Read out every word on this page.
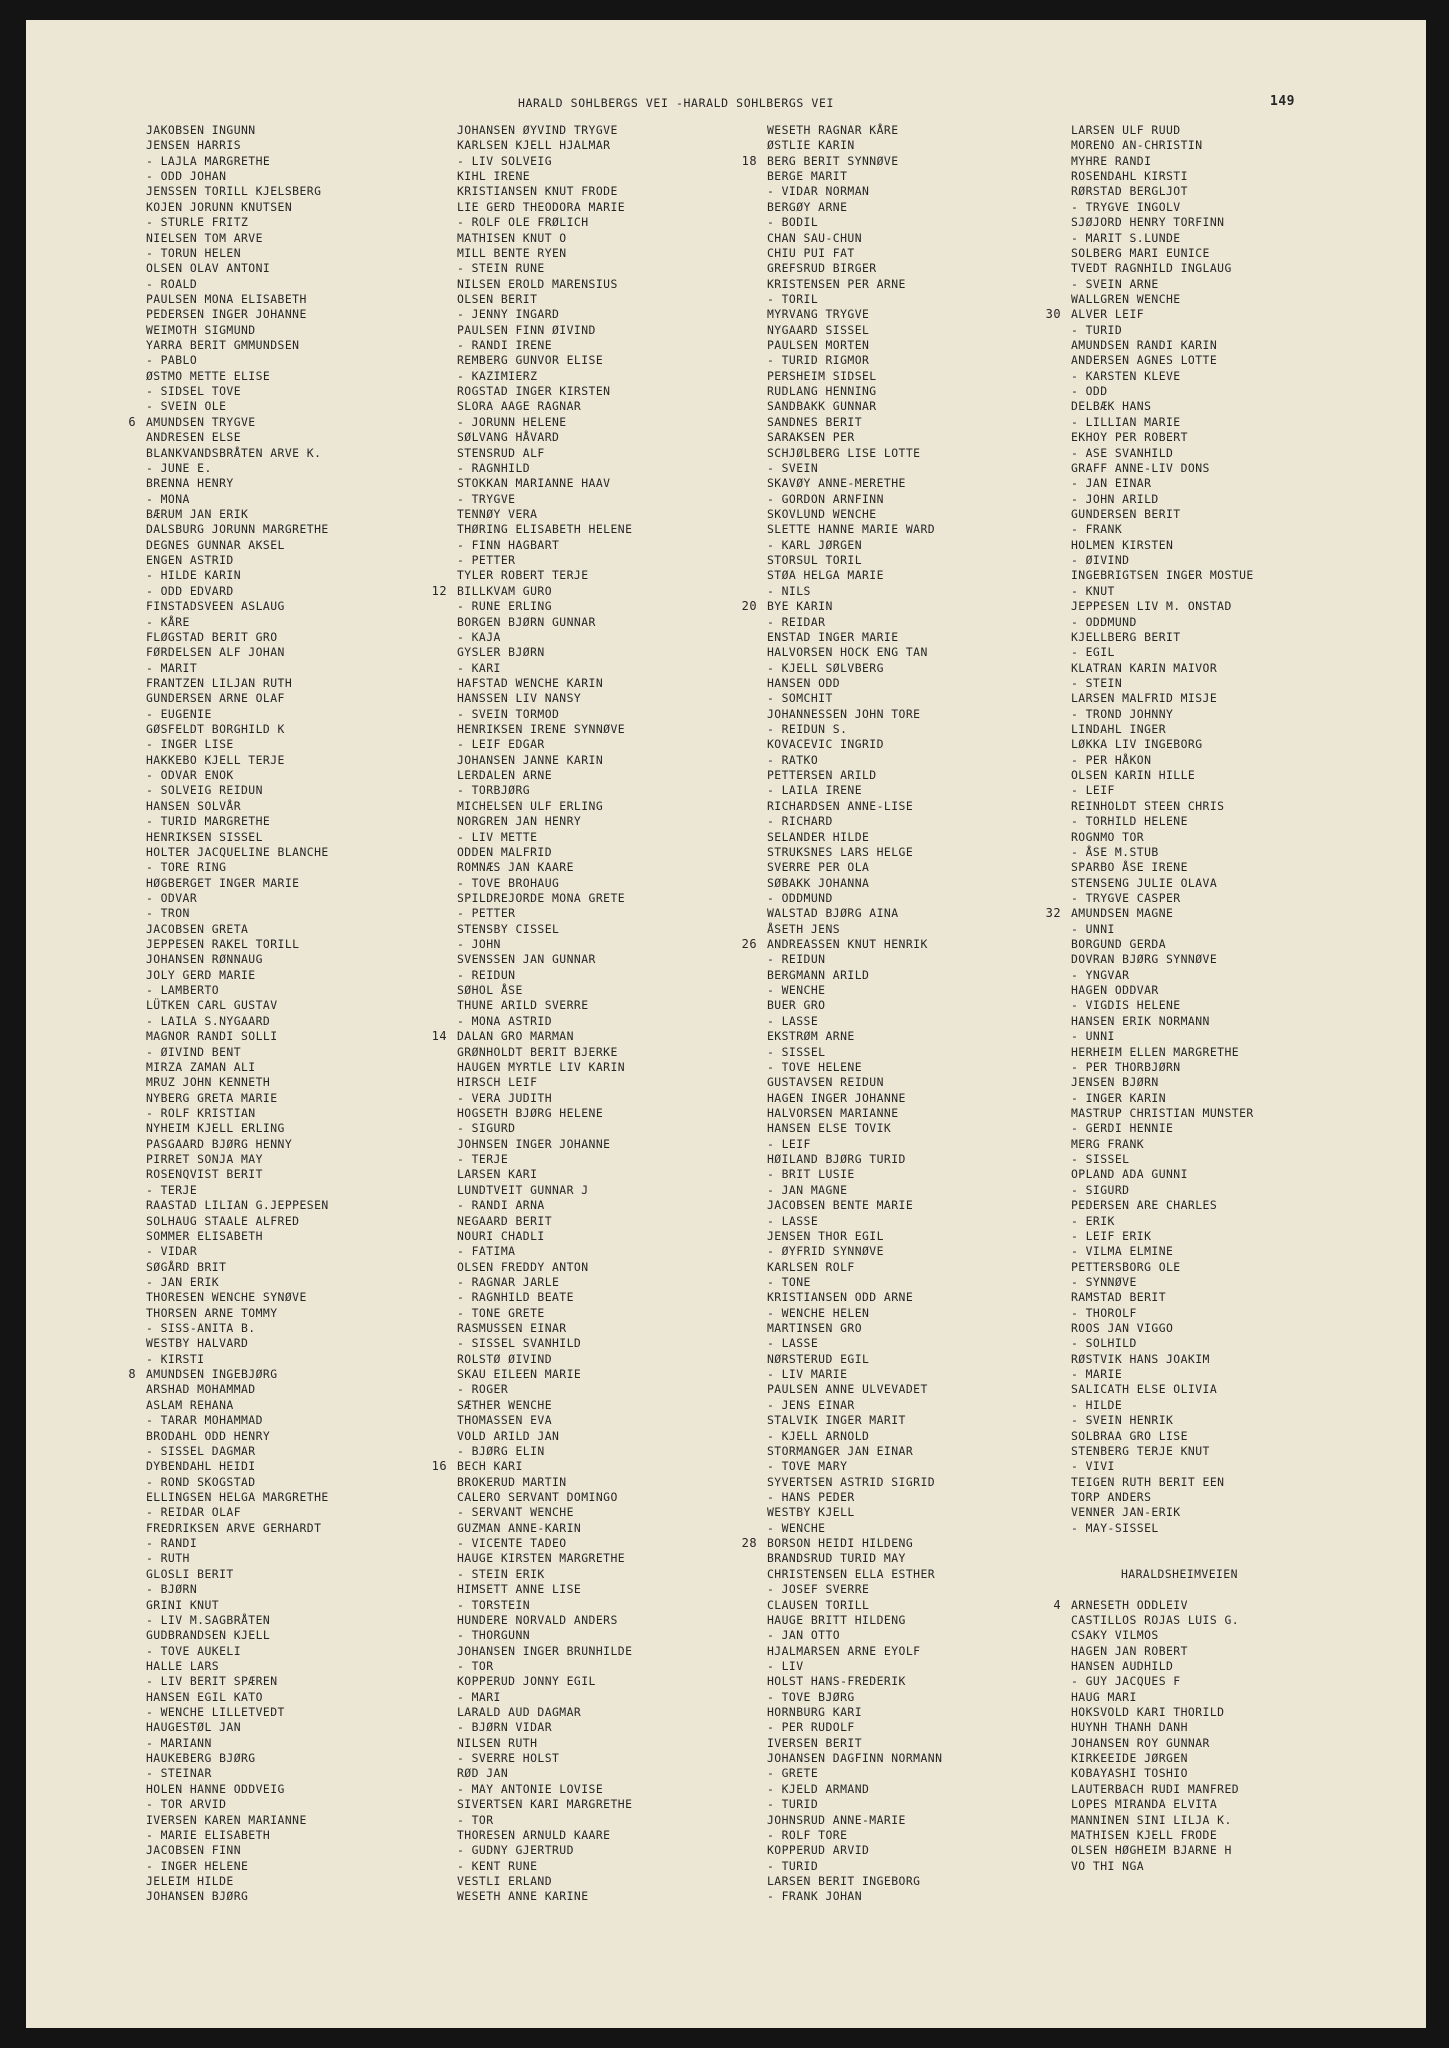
HARALD SOHLBERGS VEI -HARALD SOHLBERGS VEI	149
JAKOBSEN INGUNN
JENSEN HARRIS
- LAJLA MARGRETHE
- ODD JOHAN
JENSSEN TORILL KJELSBERG
KOJEN JORUNN KNUTSEN
- STURLE FRITZ
NIELSEN TOM ARVE
- TORUN HELEN
OLSEN OLAV ANTONI
- ROALD
PAULSEN MONA ELISABETH
PEDERSEN INGER JOHANNE
WEIMOTH SIGMUND
YARRA BERIT GMMUNDSEN
- PABLO
ØSTMO METTE ELISE
- SIDSEL TOVE
- SVEIN OLE
6 AMUNDSEN TRYGVE
ANDRESEN ELSE
BLANKVANDSBRÅTEN ARVE K.
- JUNE E.
BRENNA HENRY
- MONA
BÆRUM JAN ERIK
DALSBURG JORUNN MARGRETHE
DEGNES GUNNAR AKSEL
ENGEN ASTRID
- HILDE KARIN
- ODD EDVARD
FINSTADSVEEN ASLAUG
- KÅRE
FLØGSTAD BERIT GRO
FØRDELSEN ALF JOHAN
- MARIT
FRANTZEN LILJAN RUTH
GUNDERSEN ARNE OLAF
- EUGENIE
GØSFELDT BORGHILD K
- INGER LISE
HAKKEBO KJELL TERJE
- ODVAR ENOK
- SOLVEIG REIDUN
HANSEN SOLVÅR
- TURID MARGRETHE
HENRIKSEN SISSEL
HOLTER JACQUELINE BLANCHE
- TORE RING
HØGBERGET INGER MARIE
- ODVAR
- TRON
JACOBSEN GRETA
JEPPESEN RAKEL TORILL
JOHANSEN RØNNAUG
JOLY GERD MARIE
- LAMBERTO
LÜTKEN CARL GUSTAV
- LAILA S.NYGAARD
MAGNOR RANDI SOLLI
- ØIVIND BENT
MIRZA ZAMAN ALI
MRUZ JOHN KENNETH
NYBERG GRETA MARIE
- ROLF KRISTIAN
NYHEIM KJELL ERLING
PASGAARD BJØRG HENNY
PIRRET SONJA MAY
ROSENQVIST BERIT
- TERJE
RAASTAD LILIAN G.JEPPESEN
SOLHAUG STAALE ALFRED
SOMMER ELISABETH
- VIDAR
SØGÅRD BRIT
- JAN ERIK
THORESEN WENCHE SYNØVE
THORSEN ARNE TOMMY
- SISS-ANITA B.
WESTBY HALVARD
- KIRSTI
8 AMUNDSEN INGEBJØRG
ARSHAD MOHAMMAD
ASLAM REHANA
- TARAR MOHAMMAD
BRODAHL ODD HENRY
- SISSEL DAGMAR
DYBENDAHL HEIDI
- ROND SKOGSTAD
ELLINGSEN HELGA MARGRETHE
- REIDAR OLAF
FREDRIKSEN ARVE GERHARDT
- RANDI
- RUTH
GLOSLI BERIT
- BJØRN
GRINI KNUT
- LIV M.SAGBRÅTEN
GUDBRANDSEN KJELL
- TOVE AUKELI
HALLE LARS
- LIV BERIT SPÆREN
HANSEN EGIL KATO
- WENCHE LILLETVEDT
HAUGESTØL JAN
- MARIANN
HAUKEBERG BJØRG
- STEINAR
HOLEN HANNE ODDVEIG
- TOR ARVID
IVERSEN KAREN MARIANNE
- MARIE ELISABETH
JACOBSEN FINN
- INGER HELENE
JELEIM HILDE
JOHANSEN BJØRG
JOHANSEN ØYVIND TRYGVE
KARLSEN KJELL HJALMAR
- LIV SOLVEIG
KIHL IRENE
KRISTIANSEN KNUT FRODE
LIE GERD THEODORA MARIE
- ROLF OLE FRØLICH
MATHISEN KNUT O
MILL BENTE RYEN
- STEIN RUNE
NILSEN EROLD MARENSIUS
OLSEN BERIT
- JENNY INGARD
PAULSEN FINN ØIVIND
- RANDI IRENE
REMBERG GUNVOR ELISE
- KAZIMIERZ
ROGSTAD INGER KIRSTEN
SLORA AAGE RAGNAR
- JORUNN HELENE
SØLVANG HÅVARD
STENSRUD ALF
- RAGNHILD
STOKKAN MARIANNE HAAV
- TRYGVE
TENNØY VERA
THØRING ELISABETH HELENE
- FINN HAGBART
- PETTER
TYLER ROBERT TERJE
12 BILLKVAM GURO
- RUNE ERLING
BORGEN BJØRN GUNNAR
- KAJA
GYSLER BJØRN
- KARI
HAFSTAD WENCHE KARIN
HANSSEN LIV NANSY
- SVEIN TORMOD
HENRIKSEN IRENE SYNNØVE
- LEIF EDGAR
JOHANSEN JANNE KARIN
LERDALEN ARNE
- TORBJØRG
MICHELSEN ULF ERLING
NORGREN JAN HENRY
- LIV METTE
ODDEN MALFRID
ROMNÆS JAN KAARE
- TOVE BROHAUG
SPILDREJORDE MONA GRETE
- PETTER
STENSBY CISSEL
- JOHN
SVENSSEN JAN GUNNAR
- REIDUN
SØHOL ÅSE
THUNE ARILD SVERRE
- MONA ASTRID
14 DALAN GRO MARMAN
GRØNHOLDT BERIT BJERKE
HAUGEN MYRTLE LIV KARIN
HIRSCH LEIF
- VERA JUDITH
HOGSETH BJØRG HELENE
- SIGURD
JOHNSEN INGER JOHANNE
- TERJE
LARSEN KARI
LUNDTVEIT GUNNAR J
- RANDI ARNA
NEGAARD BERIT
NOURI CHADLI
- FATIMA
OLSEN FREDDY ANTON
- RAGNAR JARLE
- RAGNHILD BEATE
- TONE GRETE
RASMUSSEN EINAR
- SISSEL SVANHILD
ROLSTØ ØIVIND
SKAU EILEEN MARIE
- ROGER
SÆTHER WENCHE
THOMASSEN EVA
VOLD ARILD JAN
- BJØRG ELIN
16 BECH KARI
BROKERUD MARTIN
CALERO SERVANT DOMINGO
- SERVANT WENCHE
GUZMAN ANNE-KARIN
- VICENTE TADEO
HAUGE KIRSTEN MARGRETHE
- STEIN ERIK
HIMSETT ANNE LISE
- TORSTEIN
HUNDERE NORVALD ANDERS
- THORGUNN
JOHANSEN INGER BRUNHILDE
- TOR
KOPPERUD JONNY EGIL
- MARI
LARALD AUD DAGMAR
- BJØRN VIDAR
NILSEN RUTH
- SVERRE HOLST
RØD JAN
- MAY ANTONIE LOVISE
SIVERTSEN KARI MARGRETHE
- TOR
THORESEN ARNULD KAARE
- GUDNY GJERTRUD
- KENT RUNE
VESTLI ERLAND
WESETH ANNE KARINE
WESETH RAGNAR KÅRE
ØSTLIE KARIN
18 BERG BERIT SYNNØVE
BERGE MARIT
- VIDAR NORMAN
BERGØY ARNE
- BODIL
CHAN SAU-CHUN
CHIU PUI FAT
GREFSRUD BIRGER
KRISTENSEN PER ARNE
- TORIL
MYRVANG TRYGVE
NYGAARD SISSEL
PAULSEN MORTEN
- TURID RIGMOR
PERSHEIM SIDSEL
RUDLANG HENNING
SANDBAKK GUNNAR
SANDNES BERIT
SARAKSEN PER
SCHJØLBERG LISE LOTTE
- SVEIN
SKAVØY ANNE-MERETHE
- GORDON ARNFINN
SKOVLUND WENCHE
SLETTE HANNE MARIE WARD
- KARL JØRGEN
STORSUL TORIL
STØA HELGA MARIE
- NILS
20 BYE KARIN
- REIDAR
ENSTAD INGER MARIE
HALVORSEN HOCK ENG TAN
- KJELL SØLVBERG
HANSEN ODD
- SOMCHIT
JOHANNESSEN JOHN TORE
- REIDUN S.
KOVACEVIC INGRID
- RATKO
PETTERSEN ARILD
- LAILA IRENE
RICHARDSEN ANNE-LISE
- RICHARD
SELANDER HILDE
STRUKSNES LARS HELGE
SVERRE PER OLA
SØBAKK JOHANNA
- ODDMUND
WALSTAD BJØRG AINA
ÅSETH JENS
26 ANDREASSEN KNUT HENRIK
- REIDUN
BERGMANN ARILD
- WENCHE
BUER GRO
- LASSE
EKSTRØM ARNE
- SISSEL
- TOVE HELENE
GUSTAVSEN REIDUN
HAGEN INGER JOHANNE
HALVORSEN MARIANNE
HANSEN ELSE TOVIK
- LEIF
HØILAND BJØRG TURID
- BRIT LUSIE
- JAN MAGNE
JACOBSEN BENTE MARIE
- LASSE
JENSEN THOR EGIL
- ØYFRID SYNNØVE
KARLSEN ROLF
- TONE
KRISTIANSEN ODD ARNE
- WENCHE HELEN
MARTINSEN GRO
- LASSE
NØRSTERUD EGIL
- LIV MARIE
PAULSEN ANNE ULVEVADET
- JENS EINAR
STALVIK INGER MARIT
- KJELL ARNOLD
STORMANGER JAN EINAR
- TOVE MARY
SYVERTSEN ASTRID SIGRID
- HANS PEDER
WESTBY KJELL
- WENCHE
28 BORSON HEIDI HILDENG
BRANDSRUD TURID MAY
CHRISTENSEN ELLA ESTHER
- JOSEF SVERRE
CLAUSEN TORILL
HAUGE BRITT HILDENG
- JAN OTTO
HJALMARSEN ARNE EYOLF
- LIV
HOLST HANS-FREDERIK
- TOVE BJØRG
HORNBURG KARI
- PER RUDOLF
IVERSEN BERIT
JOHANSEN DAGFINN NORMANN
- GRETE
- KJELD ARMAND
- TURID
JOHNSRUD ANNE-MARIE
- ROLF TORE
KOPPERUD ARVID
- TURID
LARSEN BERIT INGEBORG
- FRANK JOHAN
LARSEN ULF RUUD
MORENO AN-CHRISTIN
MYHRE RANDI
ROSENDAHL KIRSTI
RØRSTAD BERGLJOT
- TRYGVE INGOLV
SJØJORD HENRY TORFINN
- MARIT S.LUNDE
SOLBERG MARI EUNICE
TVEDT RAGNHILD INGLAUG
- SVEIN ARNE
WALLGREN WENCHE
30 ALVER LEIF
- TURID
AMUNDSEN RANDI KARIN
ANDERSEN AGNES LOTTE
- KARSTEN KLEVE
- ODD
DELBÆK HANS
- LILLIAN MARIE
EKHOY PER ROBERT
- ASE SVANHILD
GRAFF ANNE-LIV DONS
- JAN EINAR
- JOHN ARILD
GUNDERSEN BERIT
- FRANK
HOLMEN KIRSTEN
- ØIVIND
INGEBRIGTSEN INGER MOSTUE
- KNUT
JEPPESEN LIV M. ONSTAD
- ODDMUND
KJELLBERG BERIT
- EGIL
KLATRAN KARIN MAIVOR
- STEIN
LARSEN MALFRID MISJE
- TROND JOHNNY
LINDAHL INGER
LØKKA LIV INGEBORG
- PER HÅKON
OLSEN KARIN HILLE
- LEIF
REINHOLDT STEEN CHRIS
- TORHILD HELENE
ROGNMO TOR
- ÅSE M.STUB
SPARBO ÅSE IRENE
STENSENG JULIE OLAVA
- TRYGVE CASPER
32 AMUNDSEN MAGNE
- UNNI
BORGUND GERDA
DOVRAN BJØRG SYNNØVE
- YNGVAR
HAGEN ODDVAR
- VIGDIS HELENE
HANSEN ERIK NORMANN
- UNNI
HERHEIM ELLEN MARGRETHE
- PER THORBJØRN
JENSEN BJØRN
- INGER KARIN
MASTRUP CHRISTIAN MUNSTER
- GERDI HENNIE
MERG FRANK
- SISSEL
OPLAND ADA GUNNI
- SIGURD
PEDERSEN ARE CHARLES
- ERIK
- LEIF ERIK
- VILMA ELMINE
PETTERSBORG OLE
- SYNNØVE
RAMSTAD BERIT
- THOROLF
ROOS JAN VIGGO
- SOLHILD
RØSTVIK HANS JOAKIM
- MARIE
SALICATH ELSE OLIVIA
- HILDE
- SVEIN HENRIK
SOLBRAA GRO LISE
STENBERG TERJE KNUT
- VIVI
TEIGEN RUTH BERIT EEN
TORP ANDERS
VENNER JAN-ERIK
- MAY-SISSEL
HARALDSHEIMVEIEN
4 ARNESETH ODDLEIV
CASTILLOS ROJAS LUIS G.
CSAKY VILMOS
HAGEN JAN ROBERT
HANSEN AUDHILD
- GUY JACQUES F
HAUG MARI
HOKSVOLD KARI THORILD
HUYNH THANH DANH
JOHANSEN ROY GUNNAR
KIRKEEIDE JØRGEN
KOBAYASHI TOSHIO
LAUTERBACH RUDI MANFRED
LOPES MIRANDA ELVITA
MANNINEN SINI LILJA K.
MATHISEN KJELL FRODE
OLSEN HØGHEIM BJARNE H
VO THI NGA
